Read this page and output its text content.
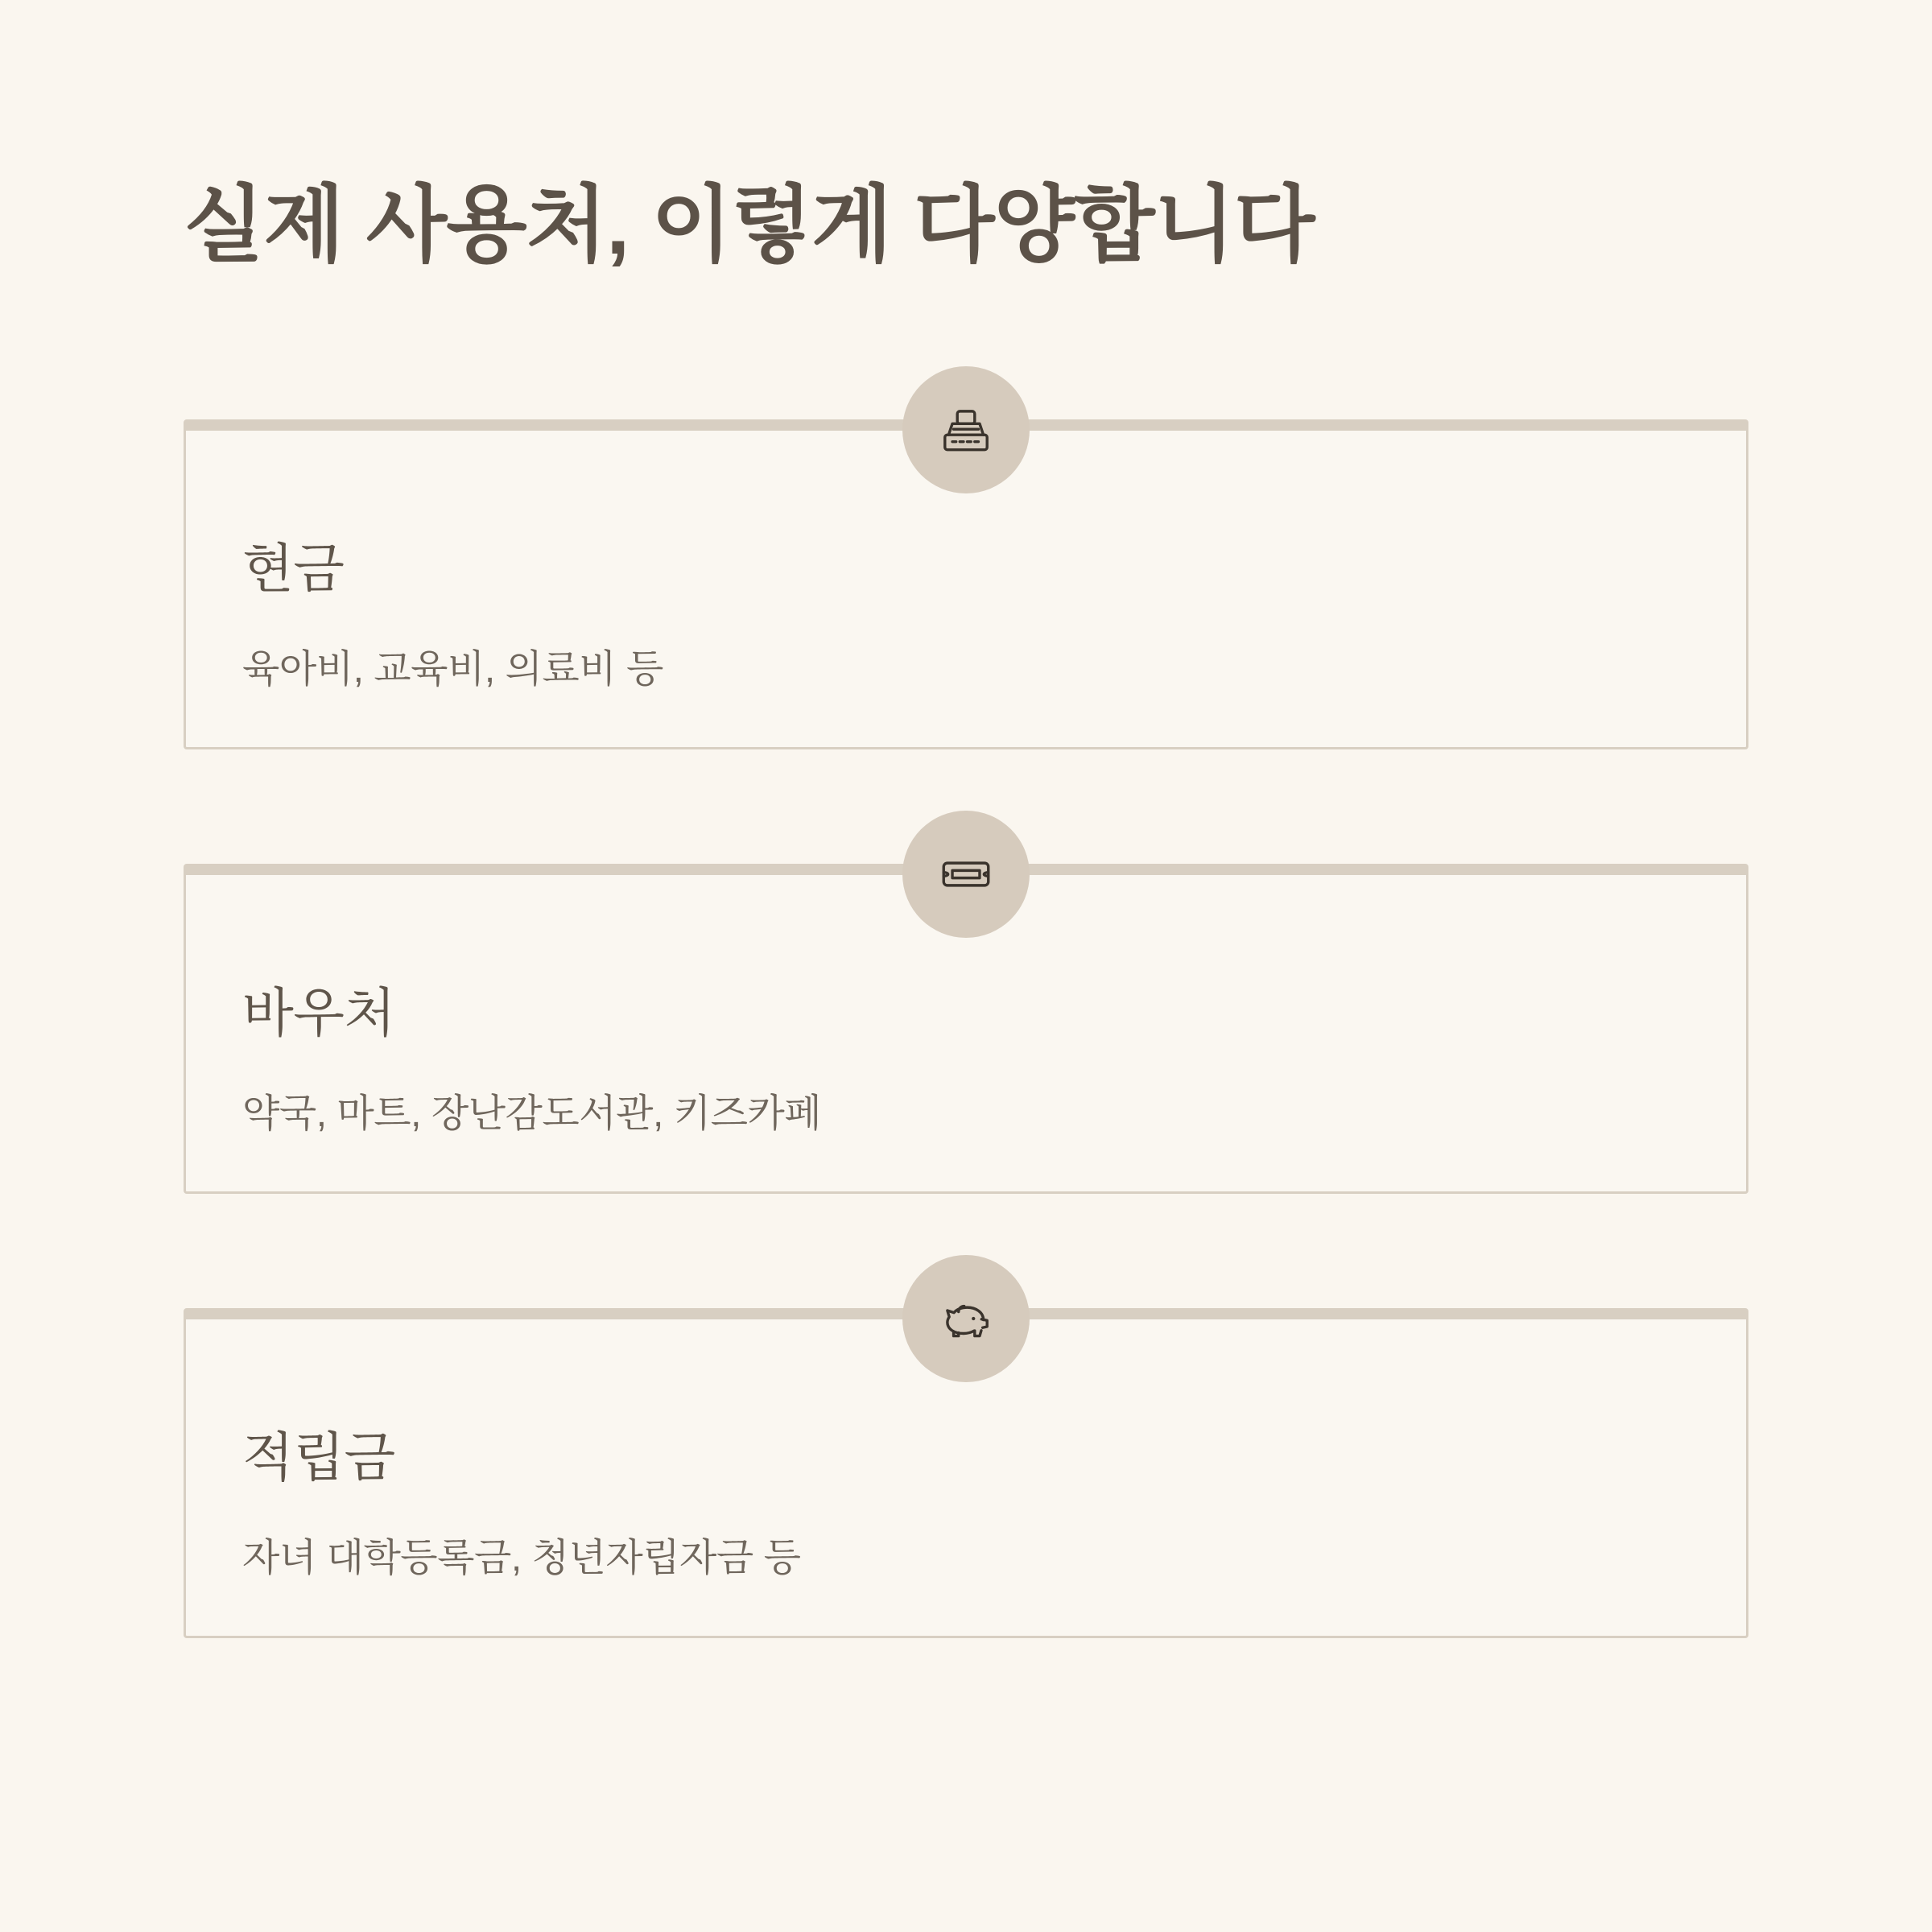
실제 사용처, 이렇게 다양합니다
현금

육아비, 교육비, 의료비 등

바우처

약국, 마트, 장난감도서관, 키즈카페

적립금

자녀 대학등록금, 청년자립자금 등
